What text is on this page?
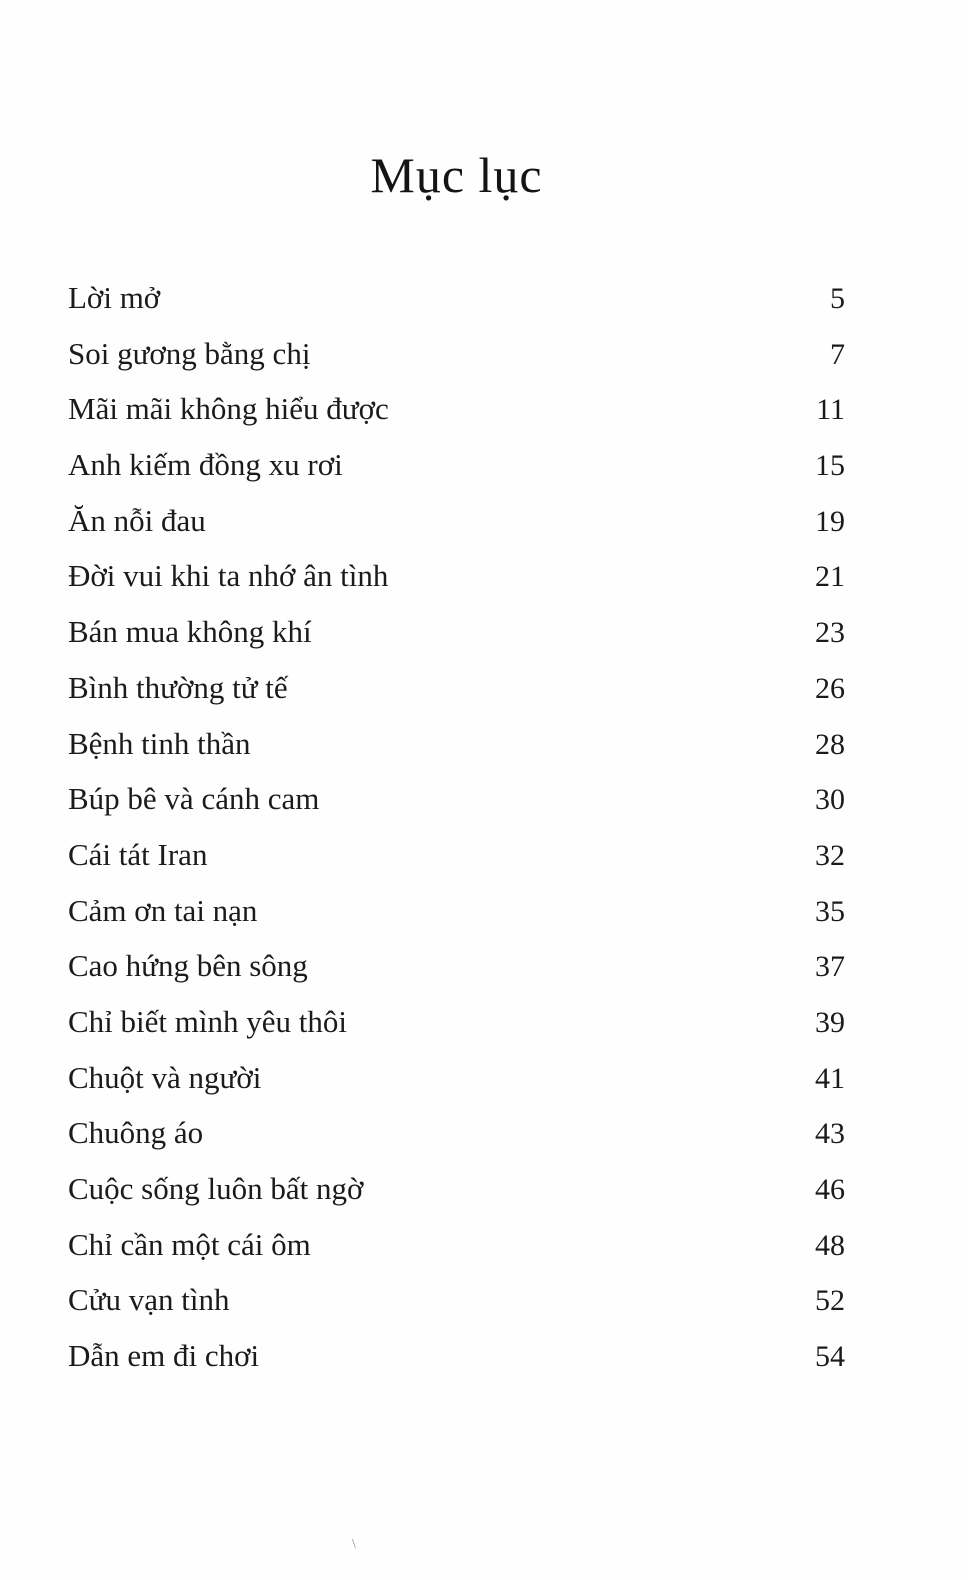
Mục lục
Lời mở	5
Soi gương bằng chị	7
Mãi mãi không hiểu được	11
Anh kiếm đồng xu rơi	15
Ăn nỗi đau	19
Đời vui khi ta nhớ ân tình	21
Bán mua không khí	23
Bình thường tử tế	26
Bệnh tinh thần	28
Búp bê và cánh cam	30
Cái tát Iran	32
Cảm ơn tai nạn	35
Cao hứng bên sông	37
Chỉ biết mình yêu thôi	39
Chuột và người	41
Chuông áo	43
Cuộc sống luôn bất ngờ	46
Chỉ cần một cái ôm	48
Cửu vạn tình	52
Dẫn em đi chơi	54
\
